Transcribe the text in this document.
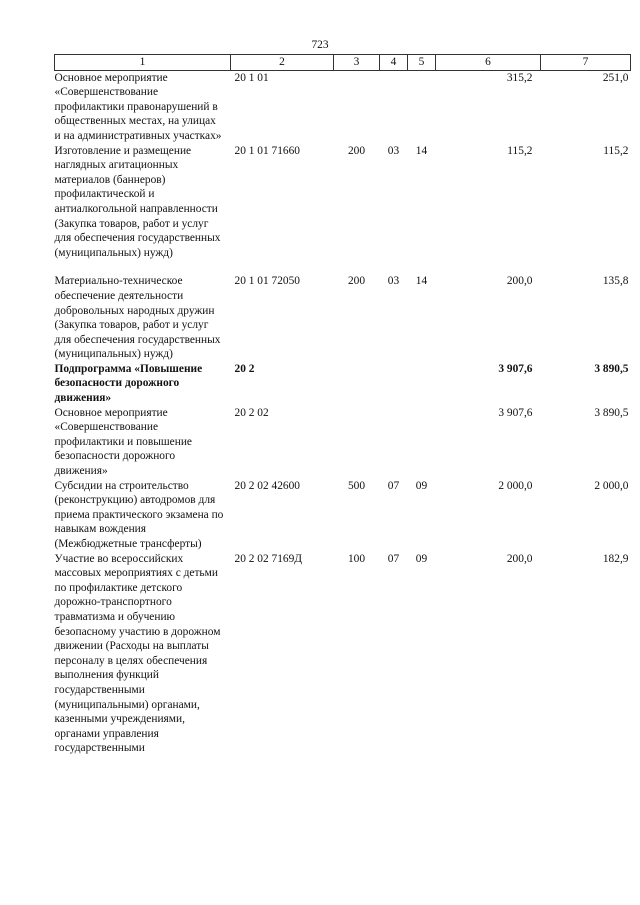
723
1	2	3	4	5	6	7
Основное мероприятие «Совершенствование профилактики правонарушений в общественных местах, на улицах и на административных участках»	20 1 01				315,2	251,0
Изготовление и размещение наглядных агитационных материалов (баннеров) профилактической и антиалкогольной направленности (Закупка товаров, работ и услуг для обеспечения государственных (муниципальных) нужд)	20 1 01 71660	200	03	14	115,2	115,2
Материально-техническое обеспечение деятельности добровольных народных дружин (Закупка товаров, работ и услуг для обеспечения государственных (муниципальных) нужд)	20 1 01 72050	200	03	14	200,0	135,8
Подпрограмма «Повышение безопасности дорожного движения»	20 2				3 907,6	3 890,5
Основное мероприятие «Совершенствование профилактики и повышение безопасности дорожного движения»	20 2 02				3 907,6	3 890,5
Субсидии на строительство (реконструкцию) автодромов для приема практического экзамена по навыкам вождения (Межбюджетные трансферты)	20 2 02 42600	500	07	09	2 000,0	2 000,0
Участие во всероссийских массовых мероприятиях с детьми по профилактике детского дорожно-транспортного травматизма и обучению безопасному участию в дорожном движении (Расходы на выплаты персоналу в целях обеспечения выполнения функций государственными (муниципальными) органами, казенными учреждениями, органами управления государственными	20 2 02 7169Д	100	07	09	200,0	182,9
